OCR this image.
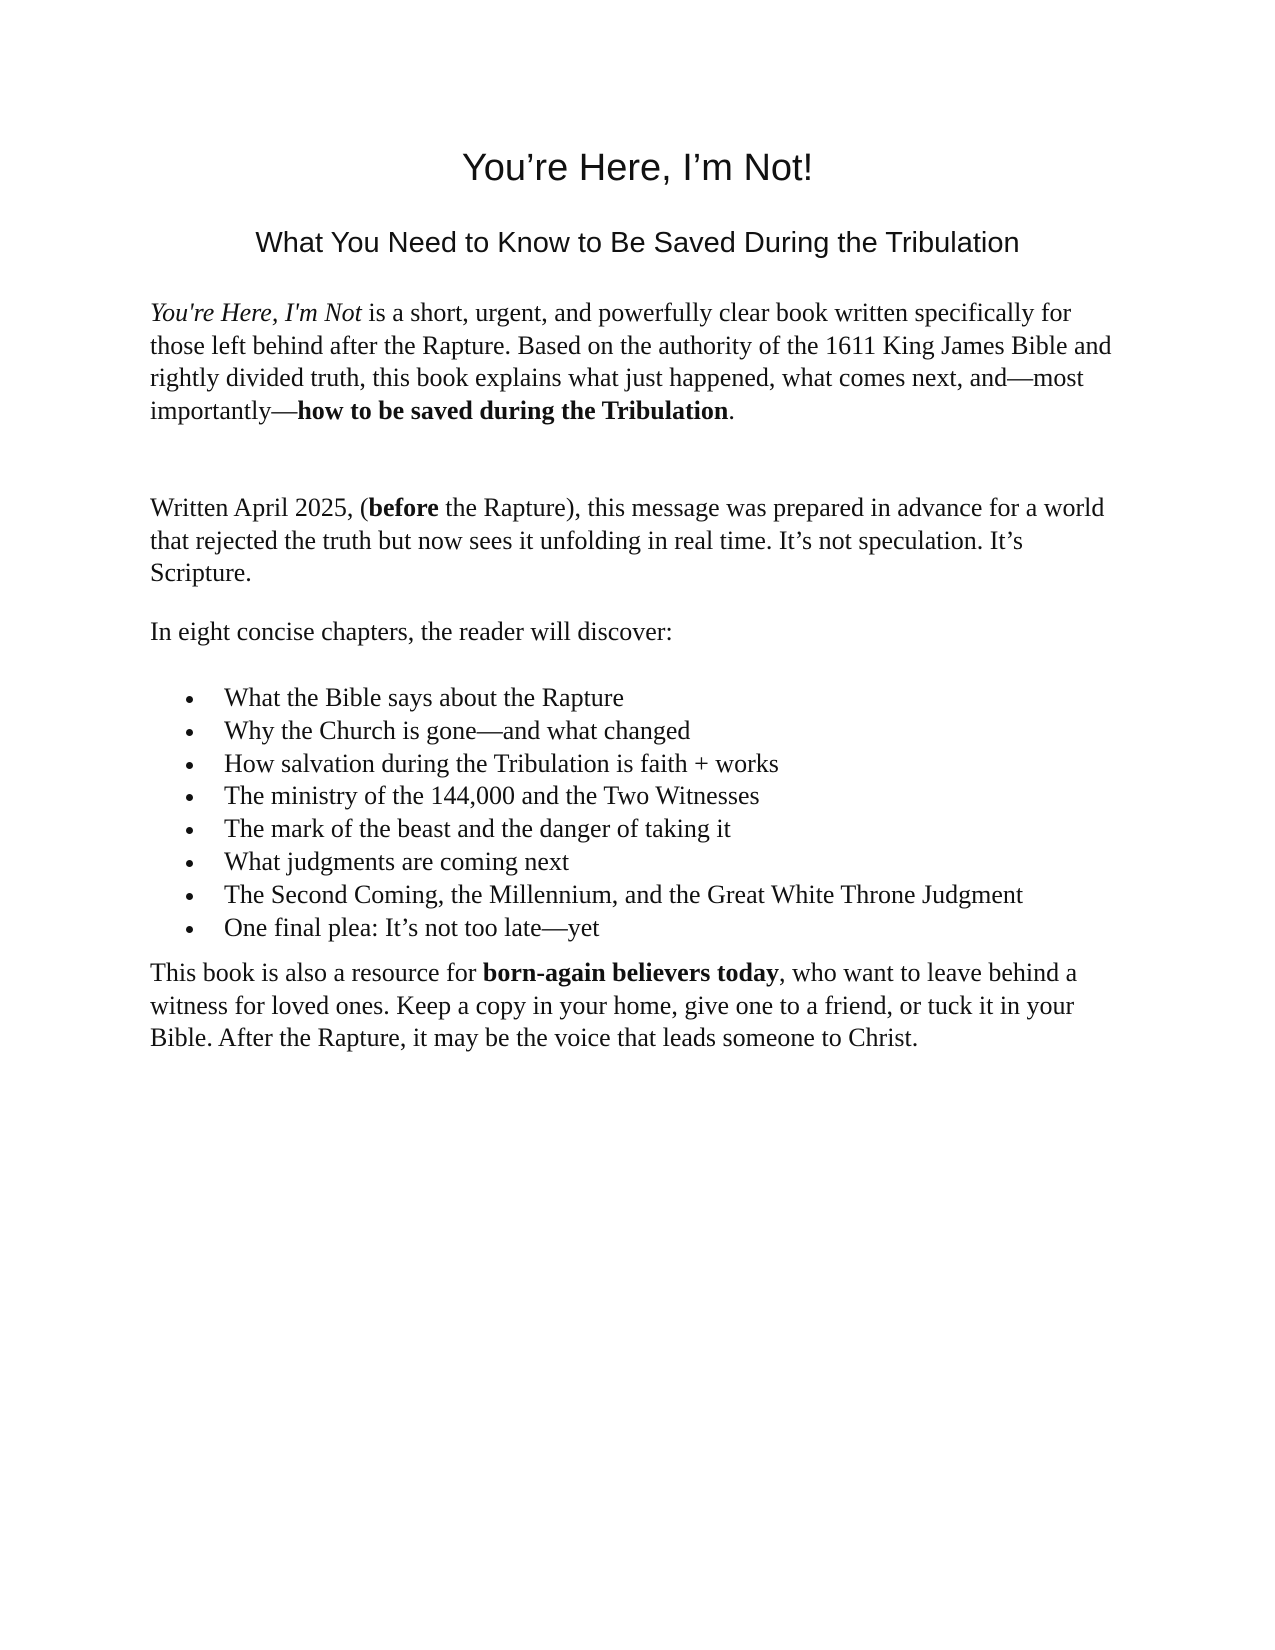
You’re Here, I’m Not!
What You Need to Know to Be Saved During the Tribulation

You're Here, I'm Not is a short, urgent, and powerfully clear book written specifically for those left behind after the Rapture. Based on the authority of the 1611 King James Bible and rightly divided truth, this book explains what just happened, what comes next, and—most importantly—how to be saved during the Tribulation.

Written April 2025, (before the Rapture), this message was prepared in advance for a world that rejected the truth but now sees it unfolding in real time. It’s not speculation. It’s Scripture.

In eight concise chapters, the reader will discover:

What the Bible says about the Rapture
Why the Church is gone—and what changed
How salvation during the Tribulation is faith + works
The ministry of the 144,000 and the Two Witnesses
The mark of the beast and the danger of taking it
What judgments are coming next
The Second Coming, the Millennium, and the Great White Throne Judgment
One final plea: It’s not too late—yet

This book is also a resource for born-again believers today, who want to leave behind a witness for loved ones. Keep a copy in your home, give one to a friend, or tuck it in your Bible. After the Rapture, it may be the voice that leads someone to Christ.
